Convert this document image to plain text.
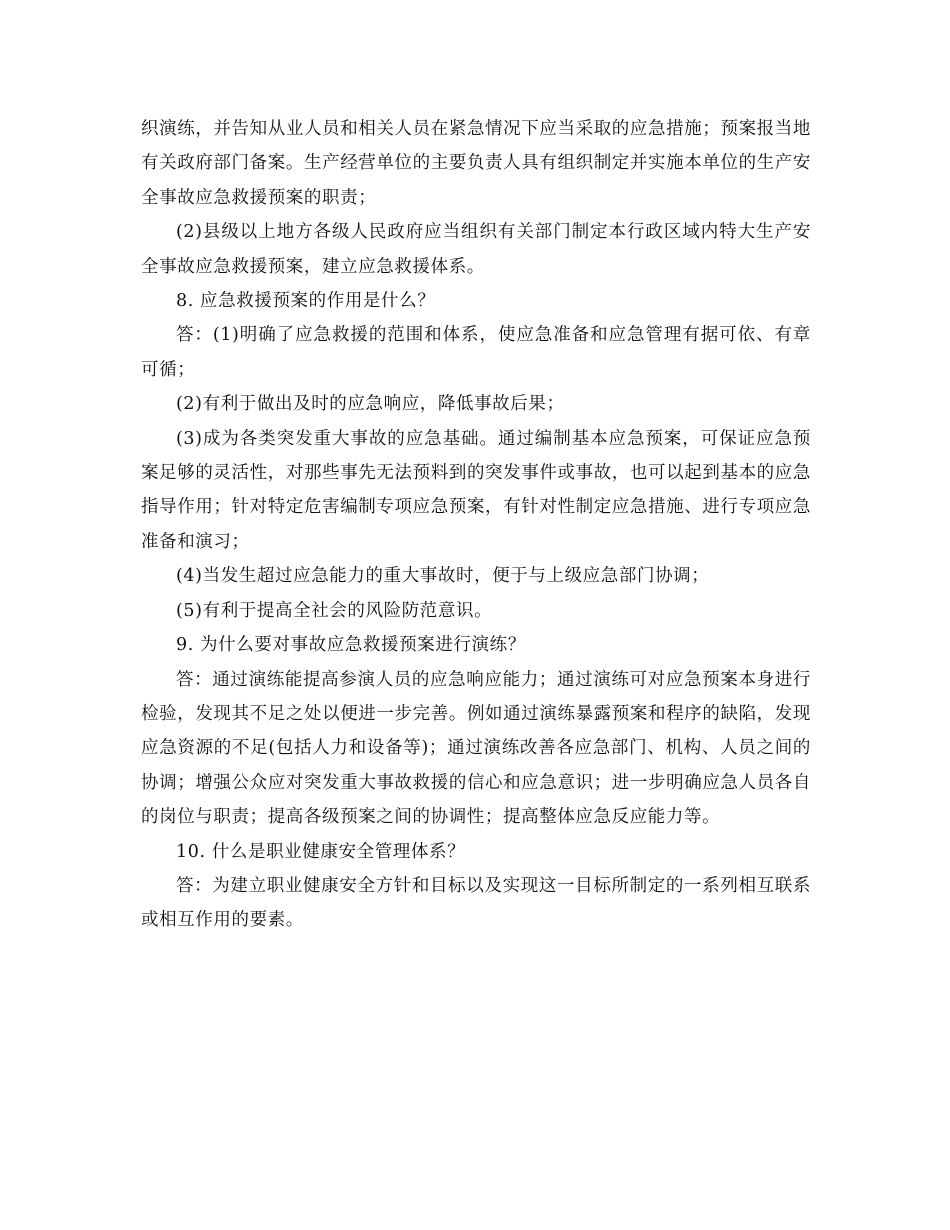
织演练，并告知从业人员和相关人员在紧急情况下应当采取的应急措施；预案报当地有关政府部门备案。生产经营单位的主要负责人具有组织制定并实施本单位的生产安全事故应急救援预案的职责；

(2)县级以上地方各级人民政府应当组织有关部门制定本行政区域内特大生产安全事故应急救援预案，建立应急救援体系。

8. 应急救援预案的作用是什么？

答：(1)明确了应急救援的范围和体系，使应急准备和应急管理有据可依、有章可循；

(2)有利于做出及时的应急响应，降低事故后果；

(3)成为各类突发重大事故的应急基础。通过编制基本应急预案，可保证应急预案足够的灵活性，对那些事先无法预料到的突发事件或事故，也可以起到基本的应急指导作用；针对特定危害编制专项应急预案，有针对性制定应急措施、进行专项应急准备和演习；

(4)当发生超过应急能力的重大事故时，便于与上级应急部门协调；

(5)有利于提高全社会的风险防范意识。

9. 为什么要对事故应急救援预案进行演练？

答：通过演练能提高参演人员的应急响应能力；通过演练可对应急预案本身进行检验，发现其不足之处以便进一步完善。例如通过演练暴露预案和程序的缺陷，发现应急资源的不足(包括人力和设备等)；通过演练改善各应急部门、机构、人员之间的协调；增强公众应对突发重大事故救援的信心和应急意识；进一步明确应急人员各自的岗位与职责；提高各级预案之间的协调性；提高整体应急反应能力等。

10. 什么是职业健康安全管理体系？

答：为建立职业健康安全方针和目标以及实现这一目标所制定的一系列相互联系或相互作用的要素。
